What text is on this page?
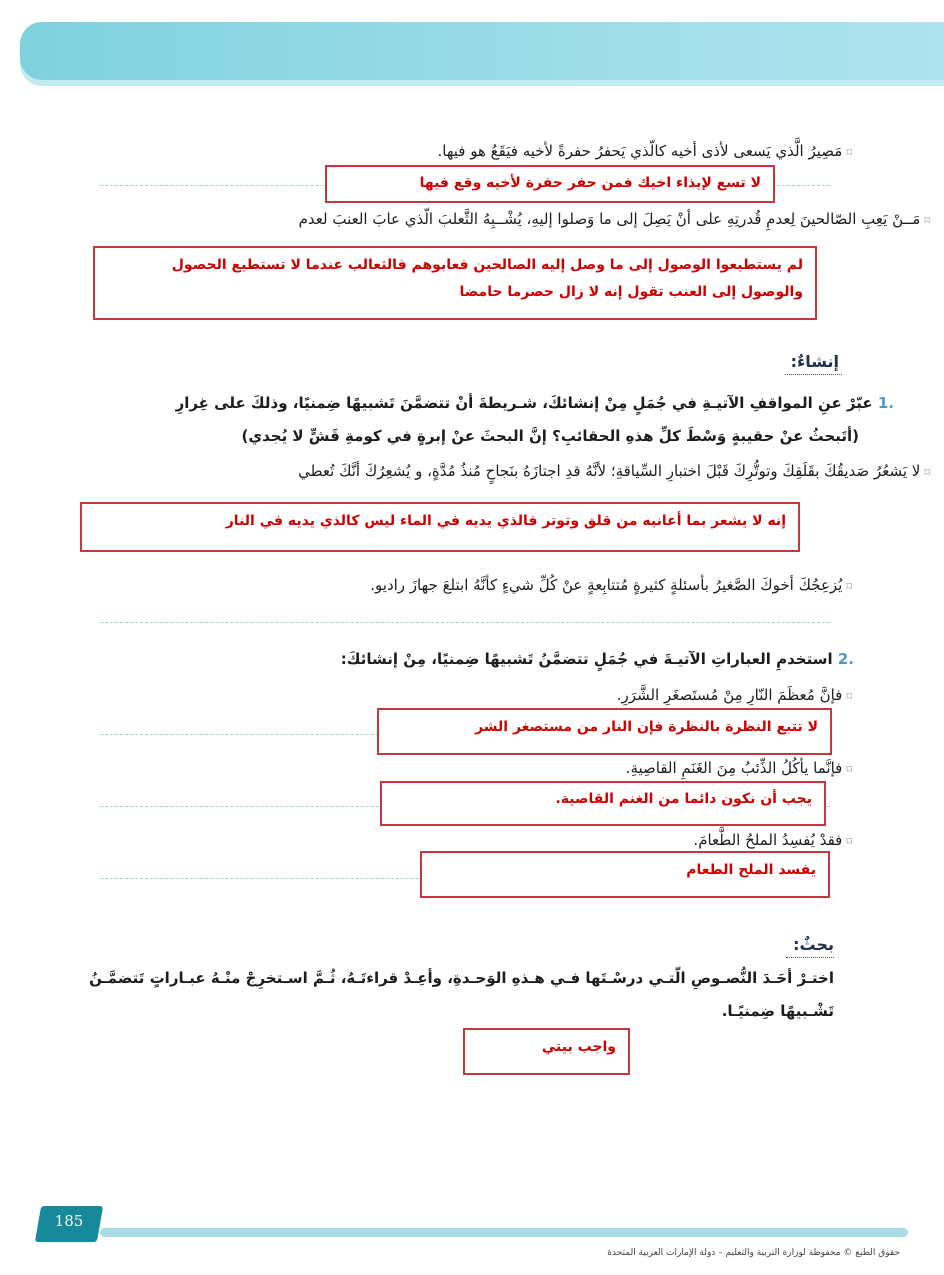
⌑مَصِيرُ الَّذي يَسعى لأذى أخيه كالّذي يَحفرُ حفرةً لأخيه فيَقَعُ هو فيها.
لا تسع لإيذاء اخيك فمن حفر حفرة لأخيه وقع فيها
⌑مَــنْ يَعِبِ الصّالحينَ لِعدمِ قُدرتِهِ على أنْ يَصِلَ إلى ما وَصلوا إليهِ، يُشْــبِهُ الثَّعلبَ الّذي عابَ العنبَ لعدم
لم يستطيعوا الوصول إلى ما وصل إليه الصالحين فعابوهم فالثعالب عندما لا تستطيع الحصول
والوصول إلى العنب تقول إنه لا زال حصرما حامضا
إنشاءٌ:
.1 عبّرْ عنِ المواقفِ الآتيـةِ في جُمَلٍ مِنْ إنشائكَ، شـريطةَ أنْ تتضمَّنَ تَشبيهًا ضِمنيًا، وذلكَ على غِرارِ
(أتَبحثُ عنْ حقيبةٍ وَسْطَ كلِّ هذهِ الحقائبِ؟ إنَّ البحثَ عنْ إبرةٍ في كومةِ قَشٍّ لا يُجدي)
⌑لا يَشعُرُ صَديقُكَ بقَلَقِكَ وتوتُّرِكَ قَبْلَ اختبارِ السِّياقةِ؛ لأنَّهُ قدِ اجتازَهُ بنَجاحٍ مُنذُ مُدَّةٍ، و يُشعِرُكَ أنَّكَ تُعطي
إنه لا يشعر بما أعانيه من قلق وتوتر فالذي يديه في الماء ليس كالذي يديه في النار
⌑يُزعِجُكَ أخوكَ الصَّغيرُ بأسئلةٍ كثيرةٍ مُتتابِعةٍ عنْ كُلِّ شيءٍ كأنَّهُ ابتلعَ جهازَ راديو.
.2 استخدمِ العباراتِ الآتيـةَ في جُمَلٍ تتضمَّنُ تَشبيهًا ضِمنيًا، مِنْ إنشائكَ:
⌑فإنَّ مُعظَمَ النّارِ مِنْ مُستَصغَرِ الشَّرَرِ.
لا تتبع النظرة بالنظرة فإن النار من مستصغر الشر
⌑فإنَّما يأكُلُ الذِّئبُ مِنَ الغَنَمِ القاصِيةِ.
يجب أن نكون دائما من الغنم القاصية.
⌑فقدْ يُفسِدُ الملحُ الطَّعامَ.
يفسد الملح الطعام
بحثٌ:
اختـرْ أحَـدَ النُّصـوصِ الّتـي درسْـتَها فـي هـذهِ الوَحـدةِ، وأعِـدْ قراءتَـهُ، ثُـمَّ اسـتخرِجْ منْـهُ عبـاراتٍ تَتضمَّـنُ
تَشْـبيهًا ضِمنيًـا.
واجب بيتي
185
حقوق الطبع © محفوظة لوزارة التربية والتعليم – دولة الإمارات العربية المتحدة
